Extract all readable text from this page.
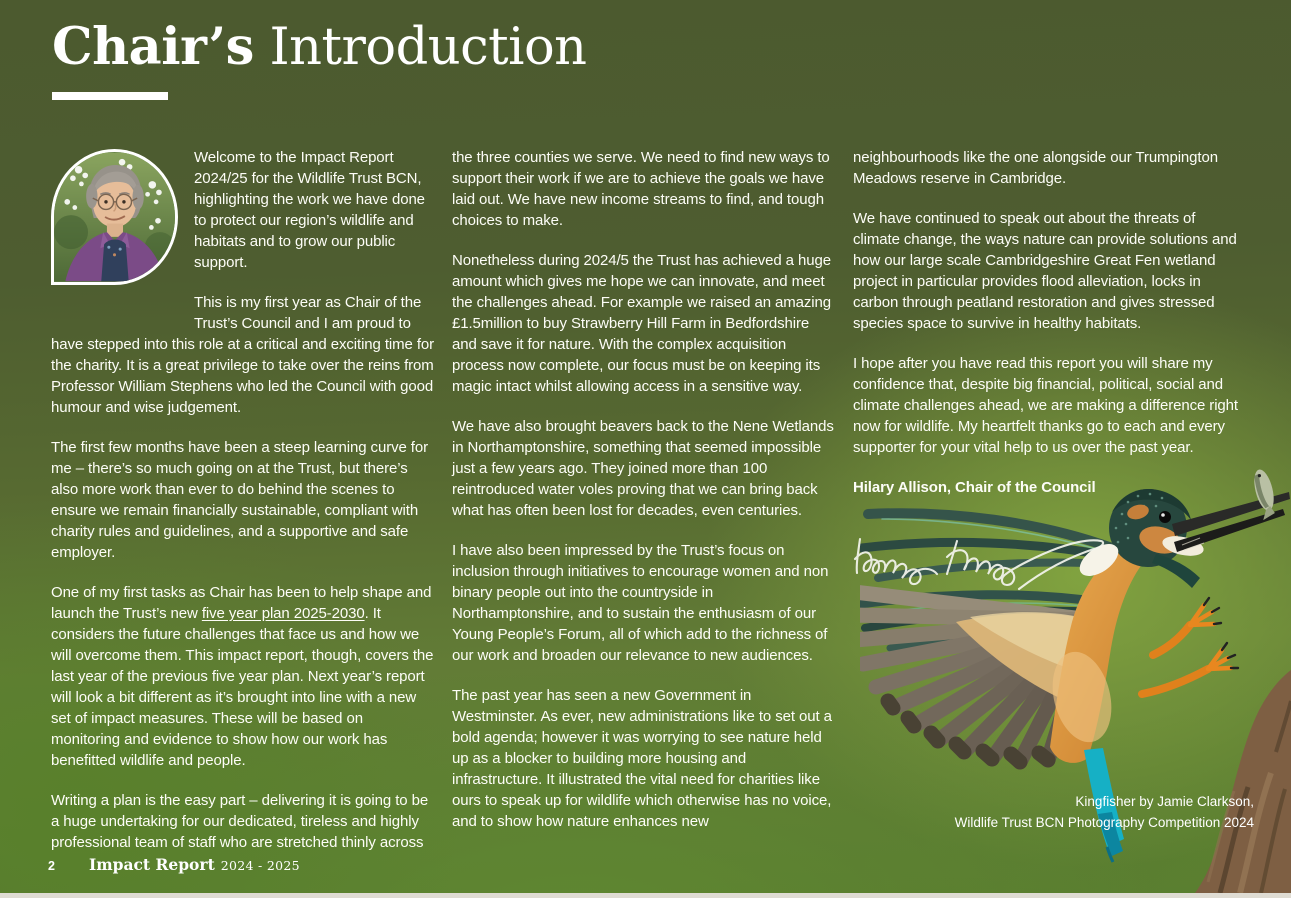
Chair’s Introduction

Welcome to the Impact Report 2024/25 for the Wildlife Trust BCN, highlighting the work we have done to protect our region’s wildlife and habitats and to grow our public support.

This is my first year as Chair of the Trust’s Council and I am proud to have stepped into this role at a critical and exciting time for the charity. It is a great privilege to take over the reins from Professor William Stephens who led the Council with good humour and wise judgement.

The first few months have been a steep learning curve for me – there’s so much going on at the Trust, but there’s also more work than ever to do behind the scenes to ensure we remain financially sustainable, compliant with charity rules and guidelines, and a supportive and safe employer.

One of my first tasks as Chair has been to help shape and launch the Trust’s new five year plan 2025-2030. It considers the future challenges that face us and how we will overcome them. This impact report, though, covers the last year of the previous five year plan. Next year’s report will look a bit different as it’s brought into line with a new set of impact measures. These will be based on monitoring and evidence to show how our work has benefitted wildlife and people.

Writing a plan is the easy part – delivering it is going to be a huge undertaking for our dedicated, tireless and highly professional team of staff who are stretched thinly across

the three counties we serve. We need to find new ways to support their work if we are to achieve the goals we have laid out. We have new income streams to find, and tough choices to make.

Nonetheless during 2024/5 the Trust has achieved a huge amount which gives me hope we can innovate, and meet the challenges ahead. For example we raised an amazing £1.5million to buy Strawberry Hill Farm in Bedfordshire and save it for nature. With the complex acquisition process now complete, our focus must be on keeping its magic intact whilst allowing access in a sensitive way.

We have also brought beavers back to the Nene Wetlands in Northamptonshire, something that seemed impossible just a few years ago. They joined more than 100 reintroduced water voles proving that we can bring back what has often been lost for decades, even centuries.

I have also been impressed by the Trust’s focus on inclusion through initiatives to encourage women and non binary people out into the countryside in Northamptonshire, and to sustain the enthusiasm of our Young People’s Forum, all of which add to the richness of our work and broaden our relevance to new audiences.

The past year has seen a new Government in Westminster. As ever, new administrations like to set out a bold agenda; however it was worrying to see nature held up as a blocker to building more housing and infrastructure. It illustrated the vital need for charities like ours to speak up for wildlife which otherwise has no voice, and to show how nature enhances new

neighbourhoods like the one alongside our Trumpington Meadows reserve in Cambridge.

We have continued to speak out about the threats of climate change, the ways nature can provide solutions and how our large scale Cambridgeshire Great Fen wetland project in particular provides flood alleviation, locks in carbon through peatland restoration and gives stressed species space to survive in healthy habitats.

I hope after you have read this report you will share my confidence that, despite big financial, political, social and climate challenges ahead, we are making a difference right now for wildlife. My heartfelt thanks go to each and every supporter for your vital help to us over the past year.

Hilary Allison, Chair of the Council

Kingfisher by Jamie Clarkson,
Wildlife Trust BCN Photography Competition 2024
2 Impact Report 2024 - 2025
